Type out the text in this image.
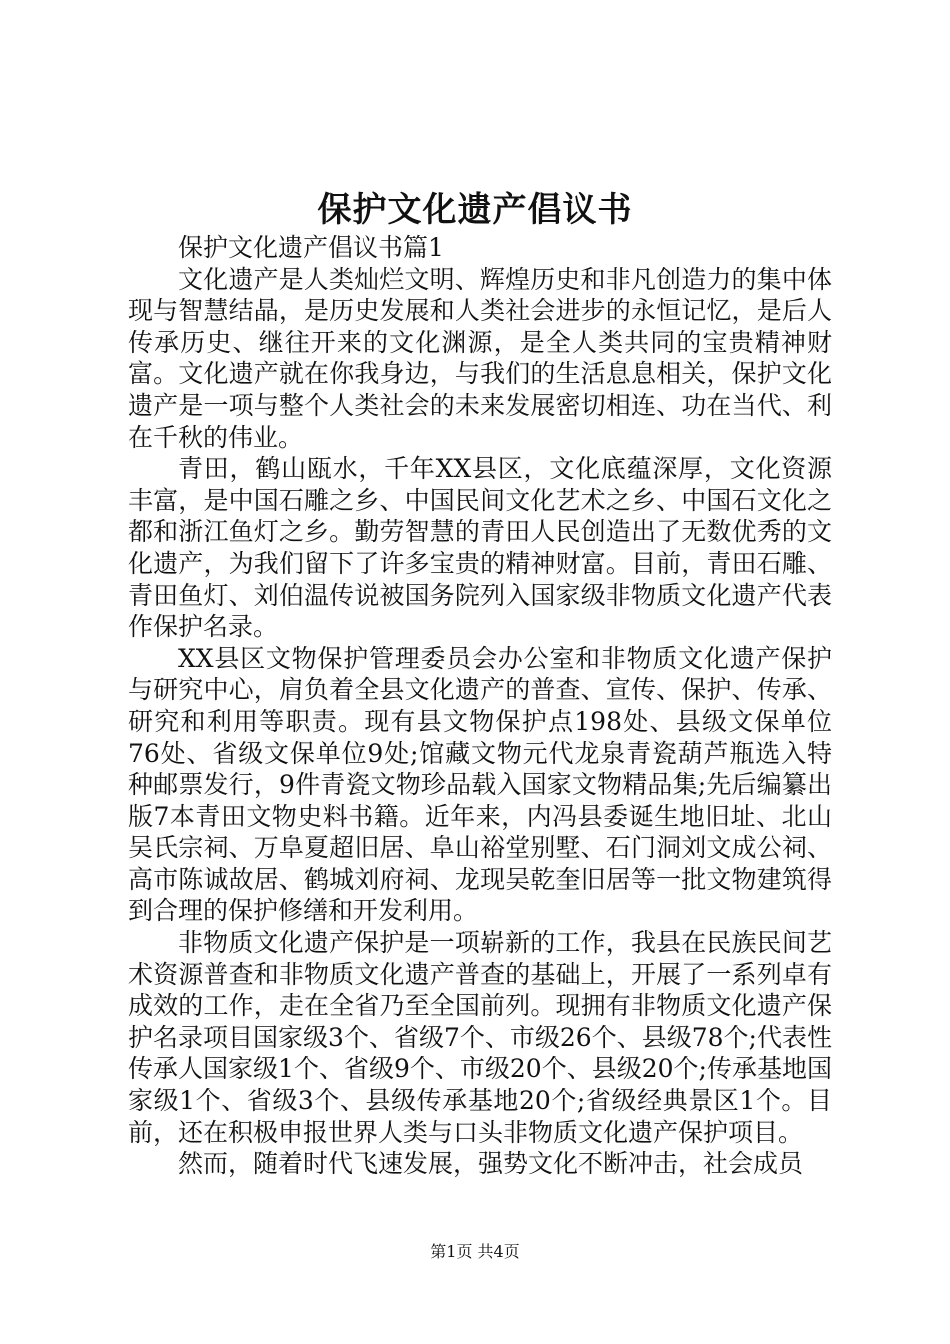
保护文化遗产倡议书

保护文化遗产倡议书篇1

文化遗产是人类灿烂文明、辉煌历史和非凡创造力的集中体现与智慧结晶，是历史发展和人类社会进步的永恒记忆，是后人传承历史、继往开来的文化渊源，是全人类共同的宝贵精神财富。文化遗产就在你我身边，与我们的生活息息相关，保护文化遗产是一项与整个人类社会的未来发展密切相连、功在当代、利在千秋的伟业。

青田，鹤山瓯水，千年XX县区，文化底蕴深厚，文化资源丰富，是中国石雕之乡、中国民间文化艺术之乡、中国石文化之都和浙江鱼灯之乡。勤劳智慧的青田人民创造出了无数优秀的文化遗产，为我们留下了许多宝贵的精神财富。目前，青田石雕、青田鱼灯、刘伯温传说被国务院列入国家级非物质文化遗产代表作保护名录。

XX县区文物保护管理委员会办公室和非物质文化遗产保护与研究中心，肩负着全县文化遗产的普查、宣传、保护、传承、研究和利用等职责。现有县文物保护点198处、县级文保单位76处、省级文保单位9处;馆藏文物元代龙泉青瓷葫芦瓶选入特种邮票发行，9件青瓷文物珍品载入国家文物精品集;先后编纂出版7本青田文物史料书籍。近年来，内冯县委诞生地旧址、北山吴氏宗祠、万阜夏超旧居、阜山裕堂别墅、石门洞刘文成公祠、高市陈诚故居、鹤城刘府祠、龙现吴乾奎旧居等一批文物建筑得到合理的保护修缮和开发利用。

非物质文化遗产保护是一项崭新的工作，我县在民族民间艺术资源普查和非物质文化遗产普查的基础上，开展了一系列卓有成效的工作，走在全省乃至全国前列。现拥有非物质文化遗产保护名录项目国家级3个、省级7个、市级26个、县级78个;代表性传承人国家级1个、省级9个、市级20个、县级20个;传承基地国家级1个、省级3个、县级传承基地20个;省级经典景区1个。目前，还在积极申报世界人类与口头非物质文化遗产保护项目。

然而，随着时代飞速发展，强势文化不断冲击，社会成员

第1页 共4页
